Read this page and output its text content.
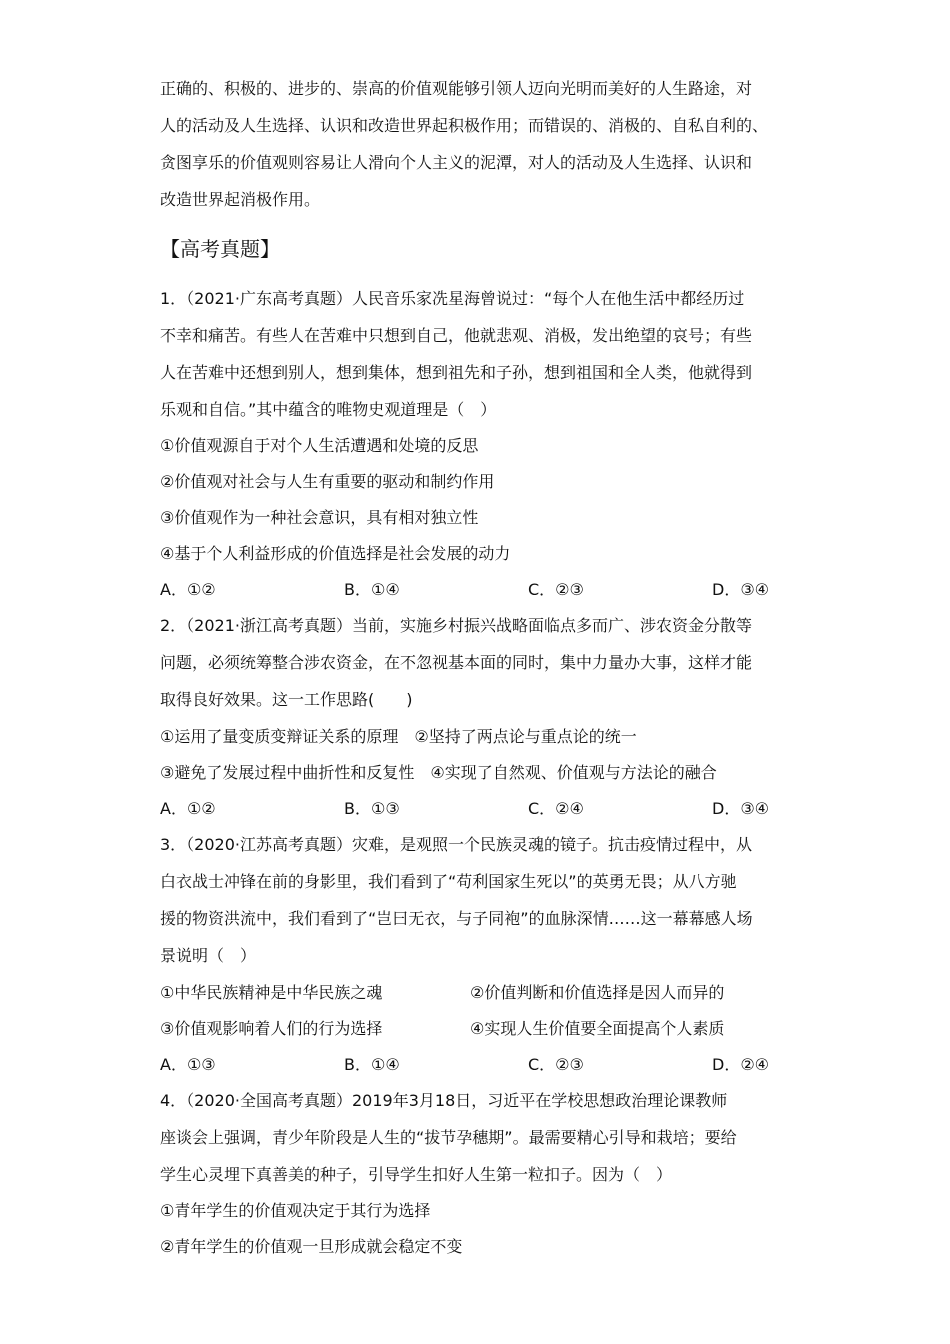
正确的、积极的、进步的、崇高的价值观能够引领人迈向光明而美好的人生路途，对
人的活动及人生选择、认识和改造世界起积极作用；而错误的、消极的、自私自利的、
贪图享乐的价值观则容易让人滑向个人主义的泥潭，对人的活动及人生选择、认识和
改造世界起消极作用。
【高考真题】
1．（2021·广东高考真题）人民音乐家冼星海曾说过：“每个人在他生活中都经历过
不幸和痛苦。有些人在苦难中只想到自己，他就悲观、消极，发出绝望的哀号；有些
人在苦难中还想到别人，想到集体，想到祖先和子孙，想到祖国和全人类，他就得到
乐观和自信。”其中蕴含的唯物史观道理是（　）
①价值观源自于对个人生活遭遇和处境的反思
②价值观对社会与人生有重要的驱动和制约作用
③价值观作为一种社会意识，具有相对独立性
④基于个人利益形成的价值选择是社会发展的动力
A．①②	B．①④	C．②③	D．③④
2．（2021·浙江高考真题）当前，实施乡村振兴战略面临点多而广、涉农资金分散等
问题，必须统筹整合涉农资金，在不忽视基本面的同时，集中力量办大事，这样才能
取得良好效果。这一工作思路(　　)
①运用了量变质变辩证关系的原理　②坚持了两点论与重点论的统一
③避免了发展过程中曲折性和反复性　④实现了自然观、价值观与方法论的融合
A．①②	B．①③	C．②④	D．③④
3．（2020·江苏高考真题）灾难，是观照一个民族灵魂的镜子。抗击疫情过程中，从
白衣战士冲锋在前的身影里，我们看到了“苟利国家生死以”的英勇无畏；从八方驰
援的物资洪流中，我们看到了“岂曰无衣，与子同袍”的血脉深情……这一幕幕感人场
景说明（　）
①中华民族精神是中华民族之魂	②价值判断和价值选择是因人而异的
③价值观影响着人们的行为选择	④实现人生价值要全面提高个人素质
A．①③	B．①④	C．②③	D．②④
4．（2020·全国高考真题）2019年3月18日，习近平在学校思想政治理论课教师
座谈会上强调，青少年阶段是人生的“拔节孕穗期”。最需要精心引导和栽培；要给
学生心灵埋下真善美的种子，引导学生扣好人生第一粒扣子。因为（　）
①青年学生的价值观决定于其行为选择
②青年学生的价值观一旦形成就会稳定不变
